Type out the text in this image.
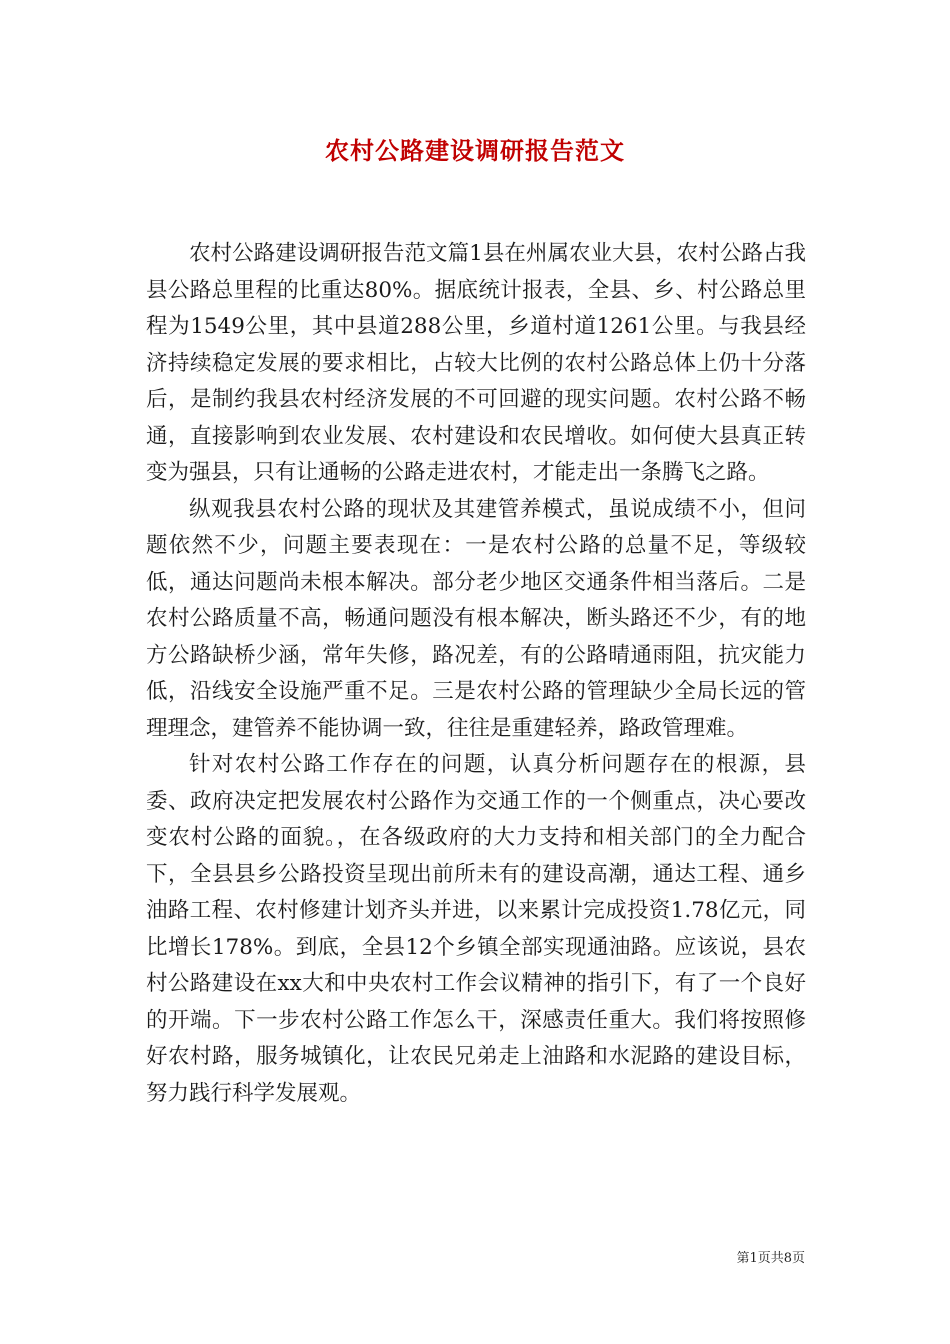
农村公路建设调研报告范文

农村公路建设调研报告范文篇1县在州属农业大县，农村公路占我县公路总里程的比重达80%。据底统计报表，全县、乡、村公路总里程为1549公里，其中县道288公里，乡道村道1261公里。与我县经济持续稳定发展的要求相比，占较大比例的农村公路总体上仍十分落后，是制约我县农村经济发展的不可回避的现实问题。农村公路不畅通，直接影响到农业发展、农村建设和农民增收。如何使大县真正转变为强县，只有让通畅的公路走进农村，才能走出一条腾飞之路。

纵观我县农村公路的现状及其建管养模式，虽说成绩不小，但问题依然不少，问题主要表现在：一是农村公路的总量不足，等级较低，通达问题尚未根本解决。部分老少地区交通条件相当落后。二是农村公路质量不高，畅通问题没有根本解决，断头路还不少，有的地方公路缺桥少涵，常年失修，路况差，有的公路晴通雨阻，抗灾能力低，沿线安全设施严重不足。三是农村公路的管理缺少全局长远的管理理念，建管养不能协调一致，往往是重建轻养，路政管理难。

针对农村公路工作存在的问题，认真分析问题存在的根源，县委、政府决定把发展农村公路作为交通工作的一个侧重点，决心要改变农村公路的面貌。，在各级政府的大力支持和相关部门的全力配合下，全县县乡公路投资呈现出前所未有的建设高潮，通达工程、通乡油路工程、农村修建计划齐头并进，以来累计完成投资1.78亿元，同比增长178%。到底，全县12个乡镇全部实现通油路。应该说，县农村公路建设在xx大和中央农村工作会议精神的指引下，有了一个良好的开端。下一步农村公路工作怎么干，深感责任重大。我们将按照修好农村路，服务城镇化，让农民兄弟走上油路和水泥路的建设目标，努力践行科学发展观。

第1页共8页
